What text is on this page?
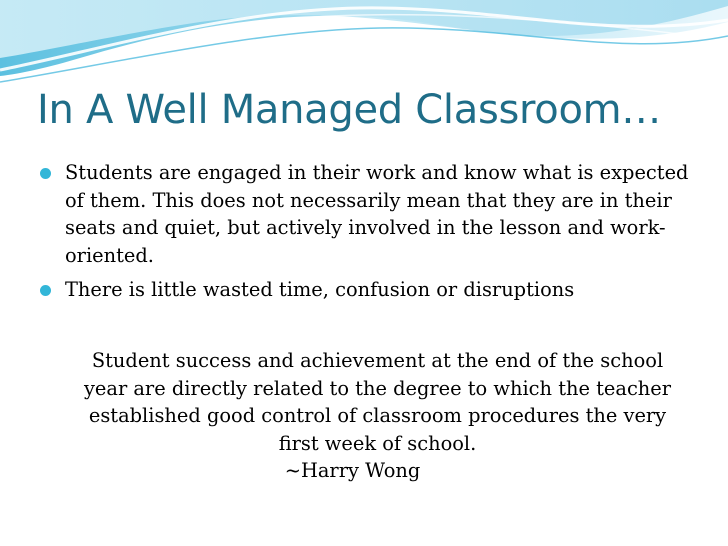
In A Well Managed Classroom…
Students are engaged in their work and know what is expected of them. This does not necessarily mean that they are in their seats and quiet, but actively involved in the lesson and work-oriented.
There is little wasted time, confusion or disruptions
Student success and achievement at the end of the school year are directly related to the degree to which the teacher established good control of classroom procedures the very first week of school.
~Harry Wong
